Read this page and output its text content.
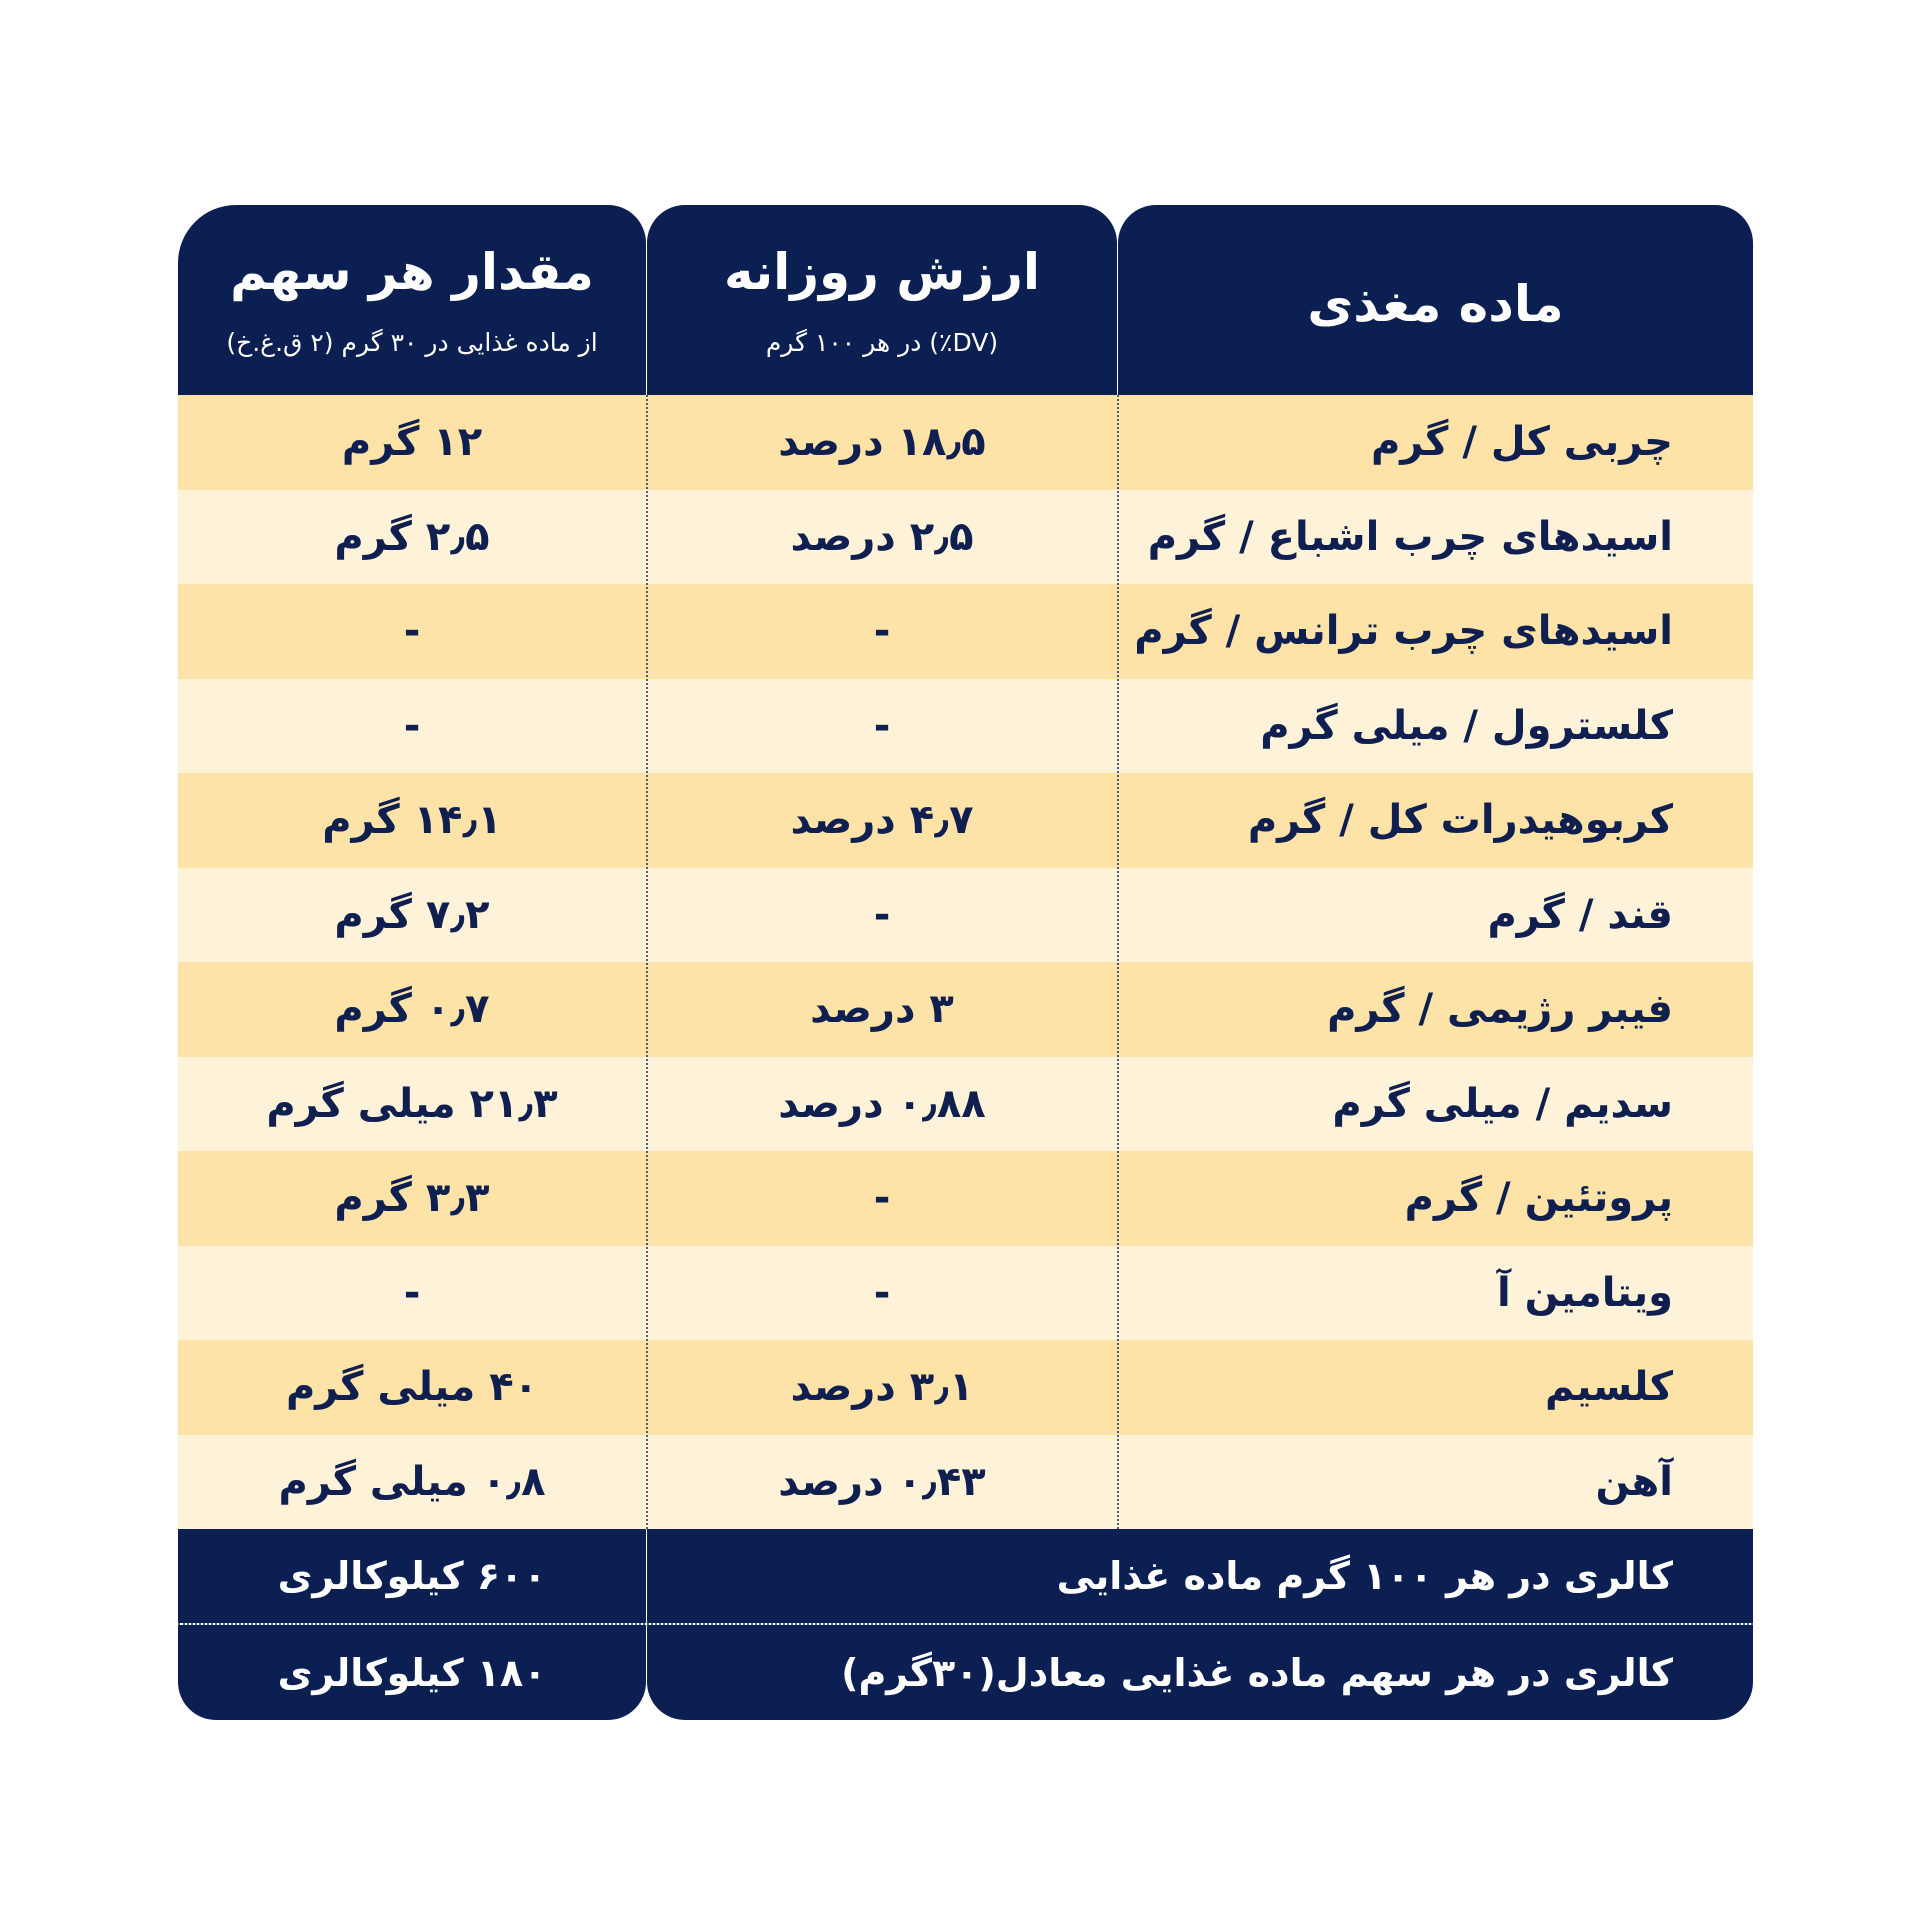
ماده مغذی
ارزش روزانه
(DV٪) در هر ۱۰۰ گرم
مقدار هر سهم
از ماده غذایی در ۳۰ گرم (۲ ق.غ.خ)
چربی کل / گرم
۱۸٫۵ درصد
۱۲ گرم
اسیدهای چرب اشباع / گرم
۲٫۵ درصد
۲٫۵ گرم
اسیدهای چرب ترانس / گرم
-
-
کلسترول / میلی گرم
-
-
کربوهیدرات کل / گرم
۴٫۷ درصد
۱۴٫۱ گرم
قند / گرم
-
۷٫۲ گرم
فیبر رژیمی / گرم
۳ درصد
۰٫۷ گرم
سدیم / میلی گرم
۰٫۸۸ درصد
۲۱٫۳ میلی گرم
پروتئین / گرم
-
۳٫۳ گرم
ویتامین آ
-
-
کلسیم
۳٫۱ درصد
۴۰ میلی گرم
آهن
۰٫۴۳ درصد
۰٫۸ میلی گرم
کالری در هر ۱۰۰ گرم ماده غذایی
۶۰۰ کیلوکالری
کالری در هر سهم ماده غذایی معادل(۳۰گرم)
۱۸۰ کیلوکالری
